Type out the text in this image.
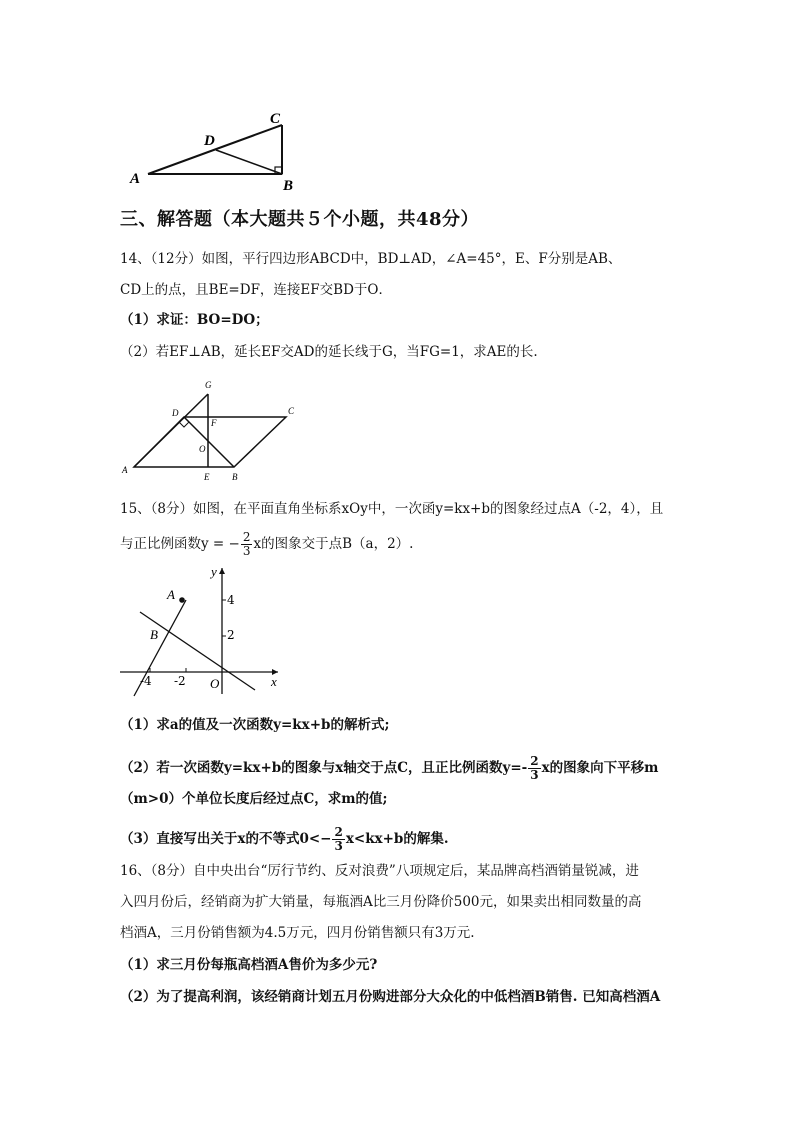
A	B
C
D
三、解答题（本大题共５个小题，共48分）
14、（12分）如图，平行四边形ABCD中，BD⊥AD，∠A=45°，E、F分别是AB、
CD上的点，且BE=DF，连接EF交BD于O．
（1）求证：BO=DO；
（2）若EF⊥AB，延长EF交AD的延长线于G，当FG=1，求AE的长.
G
D	C
F
O
A
E	B
15、（8分）如图，在平面直角坐标系xOy中，一次函y=kx+b的图象经过点A（-2，4），且
与正比例函数y = − $\frac{2}{3}$ x的图象交于点B（a，2）.
y
4
2
A
B
-4 -2 O	x
（1）求a的值及一次函数y=kx+b的解析式;
（2）若一次函数y=kx+b的图象与x轴交于点C，且正比例函数$y=- \frac{2}{3}$ x的图象向下平移m
（m>0）个单位长度后经过点C，求m的值;
（3）直接写出关于x的不等式$0<- \frac{2}{3} x<kx+b$的解集.
16、（8分）自中央出台“厉行节约、反对浪费”八项规定后，某品牌高档酒销量锐减，进
入四月份后，经销商为扩大销量，每瓶酒A比三月份降价500元，如果卖出相同数量的高
档酒A，三月份销售额为4.5万元，四月份销售额只有3万元.
（1）求三月份每瓶高档酒A售价为多少元?
（2）为了提高利润，该经销商计划五月份购进部分大众化的中低档酒B销售. 已知高档酒A
